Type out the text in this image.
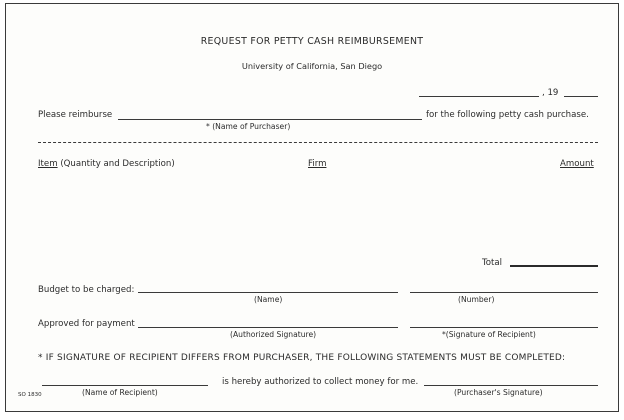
REQUEST FOR PETTY CASH REIMBURSEMENT
University of California, San Diego
, 19
Please reimburse	for the following petty cash purchase.
* (Name of Purchaser)
Item (Quantity and Description)	Firm	Amount
Total
Budget to be charged:
(Name)	(Number)
Approved for payment
(Authorized Signature)	*(Signature of Recipient)
* IF SIGNATURE OF RECIPIENT DIFFERS FROM PURCHASER, THE FOLLOWING STATEMENTS MUST BE COMPLETED:
is hereby authorized to collect money for me.
SO 1830	(Name of Recipient)	(Purchaser's Signature)
